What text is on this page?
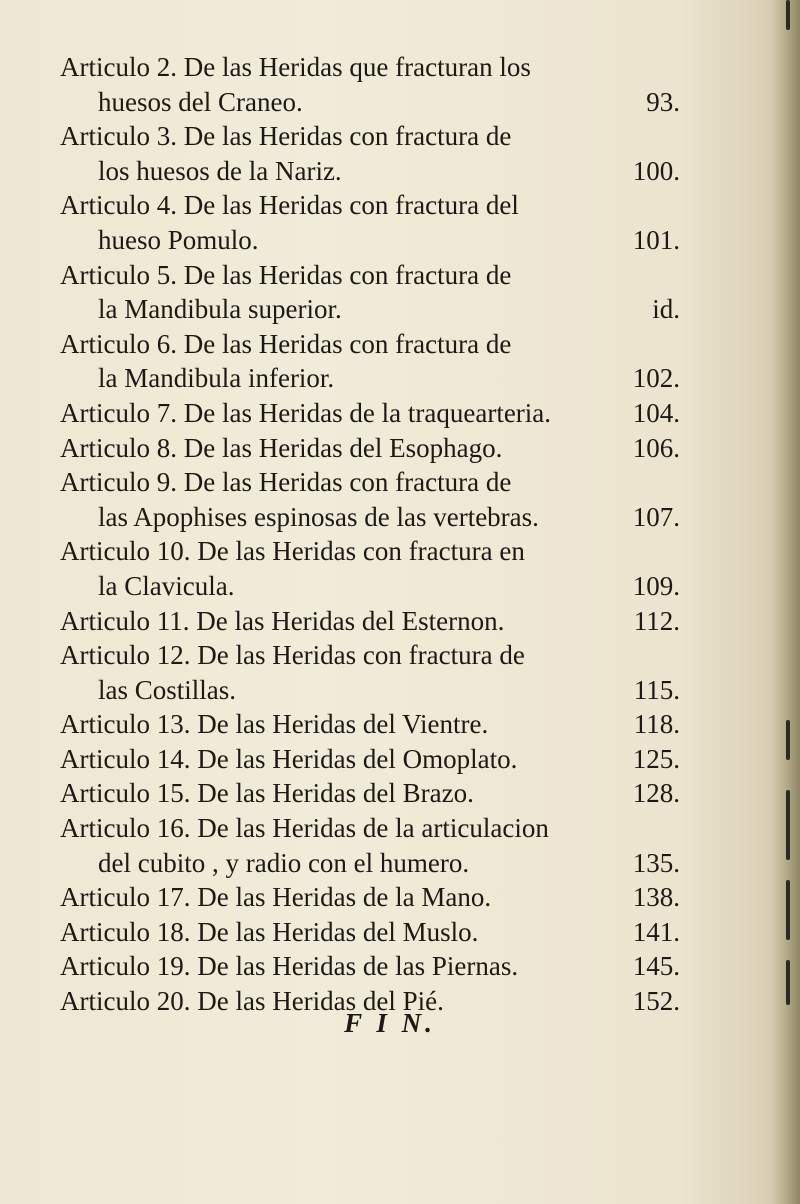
Articulo 2. De las Heridas que fracturan los
huesos del Craneo.	93.
Articulo 3. De las Heridas con fractura de
los huesos de la Nariz.	100.
Articulo 4. De las Heridas con fractura del
hueso Pomulo.	101.
Articulo 5. De las Heridas con fractura de
la Mandibula superior.	id.
Articulo 6. De las Heridas con fractura de
la Mandibula inferior.	102.
Articulo 7. De las Heridas de la traquearteria.	104.
Articulo 8. De las Heridas del Esophago.	106.
Articulo 9. De las Heridas con fractura de
las Apophises espinosas de las vertebras.	107.
Articulo 10. De las Heridas con fractura en
la Clavicula.	109.
Articulo 11. De las Heridas del Esternon.	112.
Articulo 12. De las Heridas con fractura de
las Costillas.	115.
Articulo 13. De las Heridas del Vientre.	118.
Articulo 14. De las Heridas del Omoplato.	125.
Articulo 15. De las Heridas del Brazo.	128.
Articulo 16. De las Heridas de la articulacion
del cubito , y radio con el humero.	135.
Articulo 17. De las Heridas de la Mano.	138.
Articulo 18. De las Heridas del Muslo.	141.
Articulo 19. De las Heridas de las Piernas.	145.
Articulo 20. De las Heridas del Pié.	152.
F I N.
